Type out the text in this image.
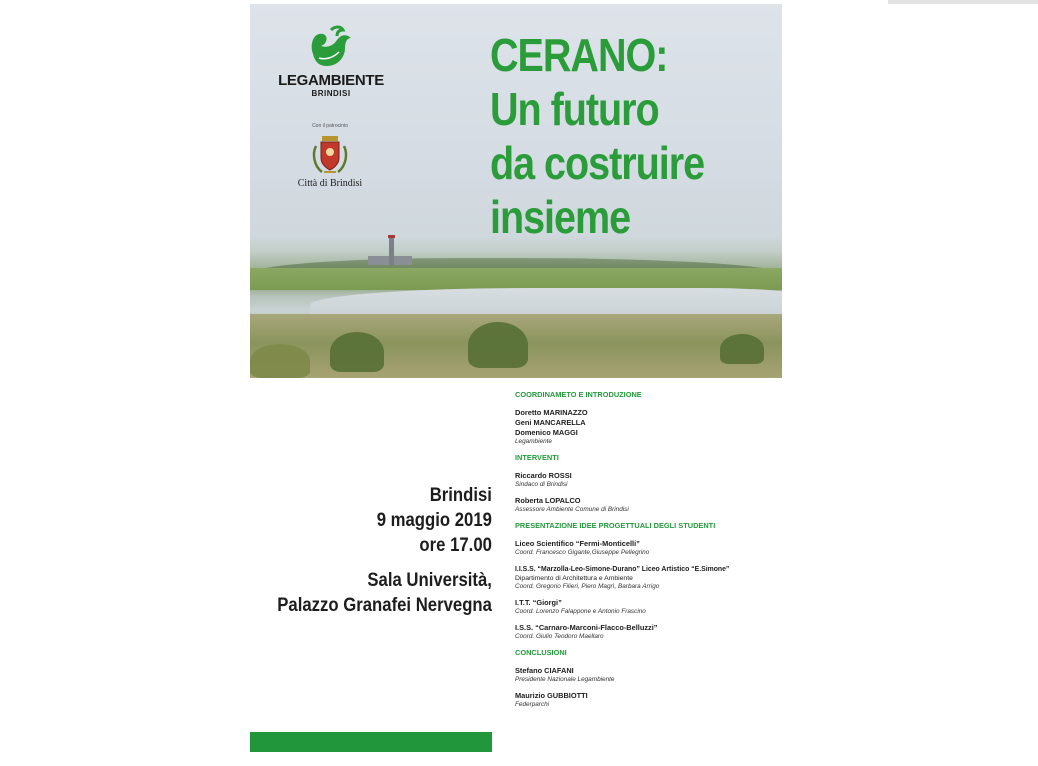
LEGAMBIENTE
BRINDISI
Con il patrocinio
Città di Brindisi
CERANO:
Un futuro
da costruire
insieme
Brindisi
9 maggio 2019
ore 17.00
Sala Università,
Palazzo Granafei Nervegna
COORDINAMETO E INTRODUZIONE
Doretto MARINAZZO
Geni MANCARELLA
Domenico MAGGI
Legambiente
INTERVENTI
Riccardo ROSSI
Sindaco di Brindisi
Roberta LOPALCO
Assessore Ambiente Comune di Brindisi
PRESENTAZIONE IDEE PROGETTUALI DEGLI STUDENTI
Liceo Scientifico “Fermi-Monticelli”
Coord. Francesco Gigante,Giuseppe Pellegrino
I.I.S.S. “Marzolla-Leo-Simone-Durano” Liceo Artistico “E.Simone”
Dipartimento di Architettura e Ambiente
Coord. Gregorio Filieri, Piero Magrì, Barbara Arrigo
I.T.T. “Giorgi”
Coord. Lorenzo Falappone e Antonio Frascino
I.S.S. “Carnaro-Marconi-Flacco-Belluzzi”
Coord. Giulio Teodoro Maellaro
CONCLUSIONI
Stefano CIAFANI
Presidente Nazionale Legambiente
Maurizio GUBBIOTTI
Federparchi
